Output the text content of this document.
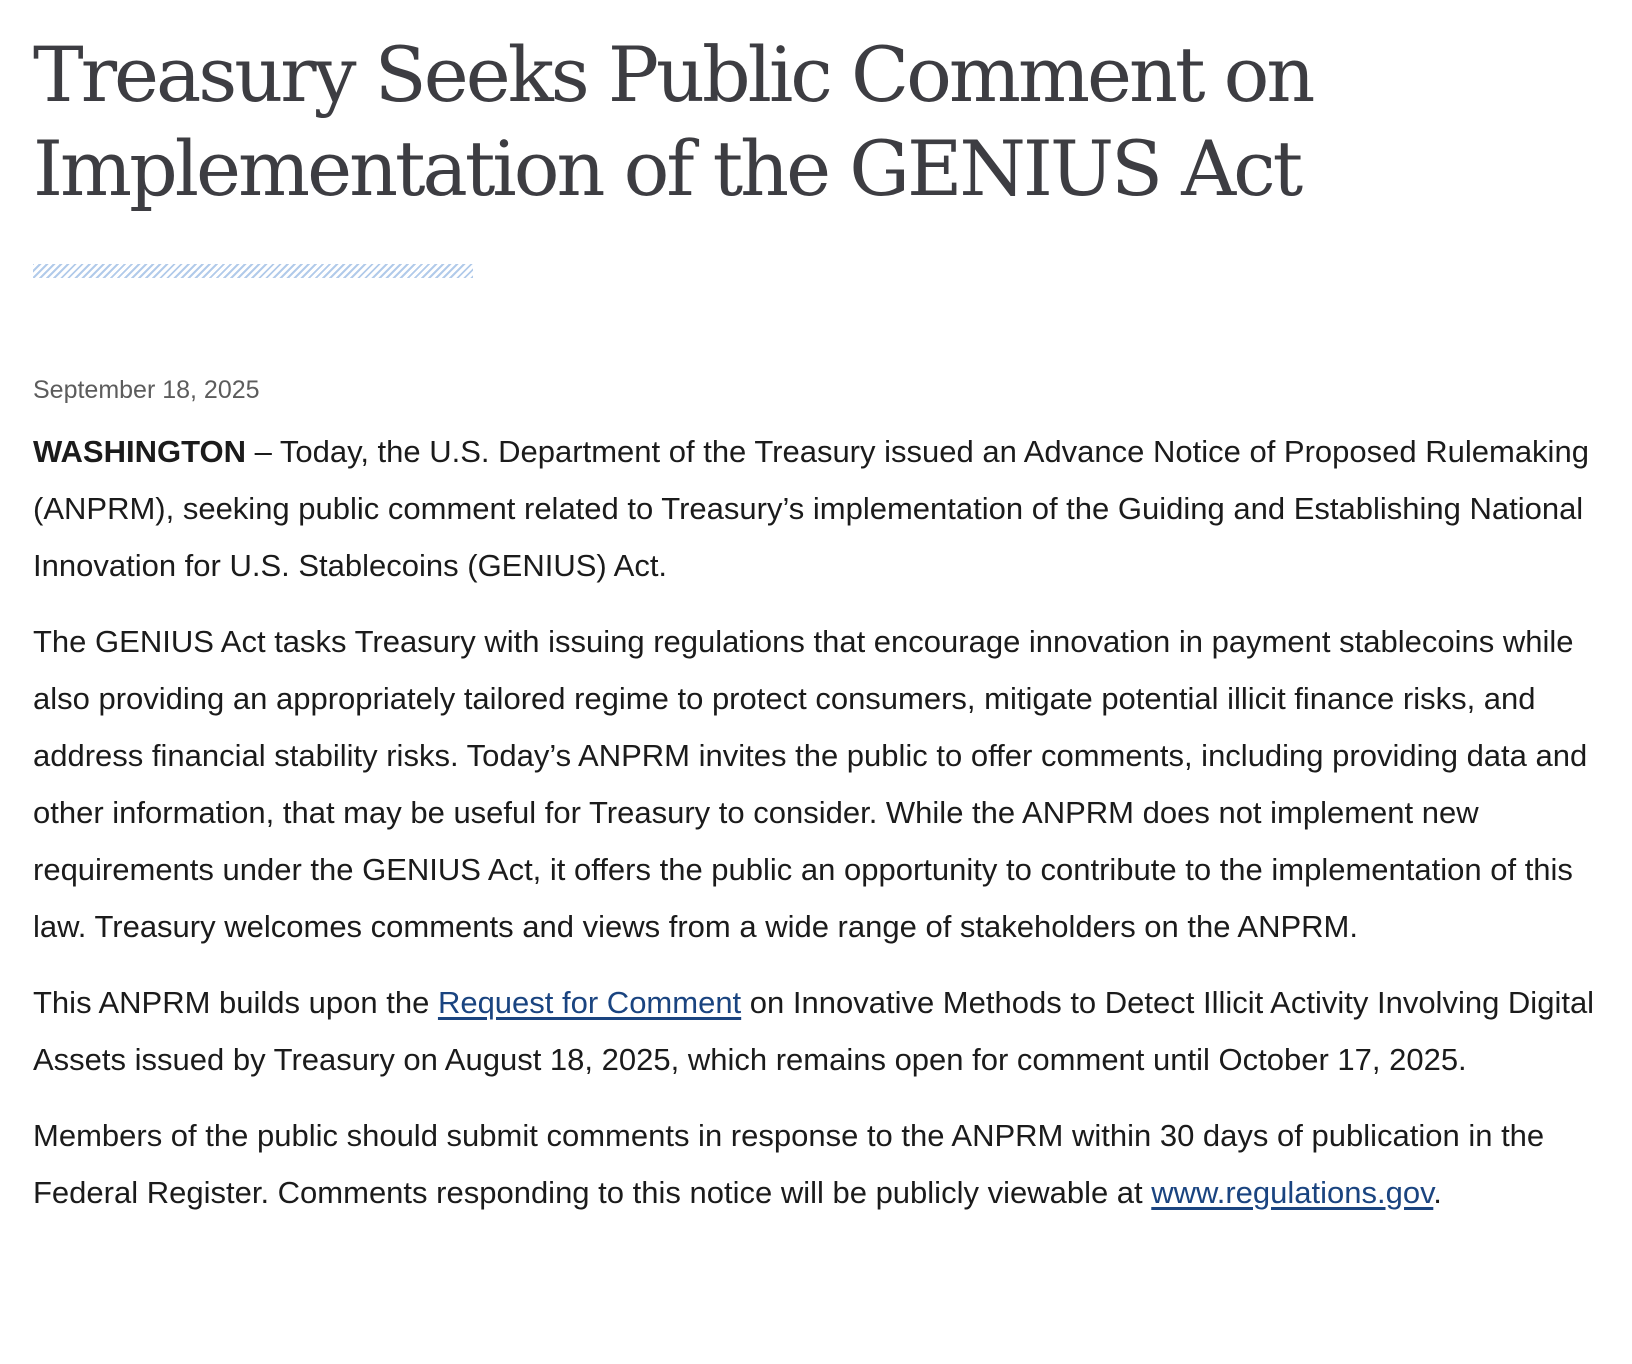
Treasury Seeks Public Comment on Implementation of the GENIUS Act
September 18, 2025

WASHINGTON – Today, the U.S. Department of the Treasury issued an Advance Notice of Proposed Rulemaking (ANPRM), seeking public comment related to Treasury’s implementation of the Guiding and Establishing National Innovation for U.S. Stablecoins (GENIUS) Act.

The GENIUS Act tasks Treasury with issuing regulations that encourage innovation in payment stablecoins while also providing an appropriately tailored regime to protect consumers, mitigate potential illicit finance risks, and address financial stability risks. Today’s ANPRM invites the public to offer comments, including providing data and other information, that may be useful for Treasury to consider. While the ANPRM does not implement new requirements under the GENIUS Act, it offers the public an opportunity to contribute to the implementation of this law. Treasury welcomes comments and views from a wide range of stakeholders on the ANPRM.

This ANPRM builds upon the Request for Comment on Innovative Methods to Detect Illicit Activity Involving Digital Assets issued by Treasury on August 18, 2025, which remains open for comment until October 17, 2025.

Members of the public should submit comments in response to the ANPRM within 30 days of publication in the Federal Register. Comments responding to this notice will be publicly viewable at www.regulations.gov.
